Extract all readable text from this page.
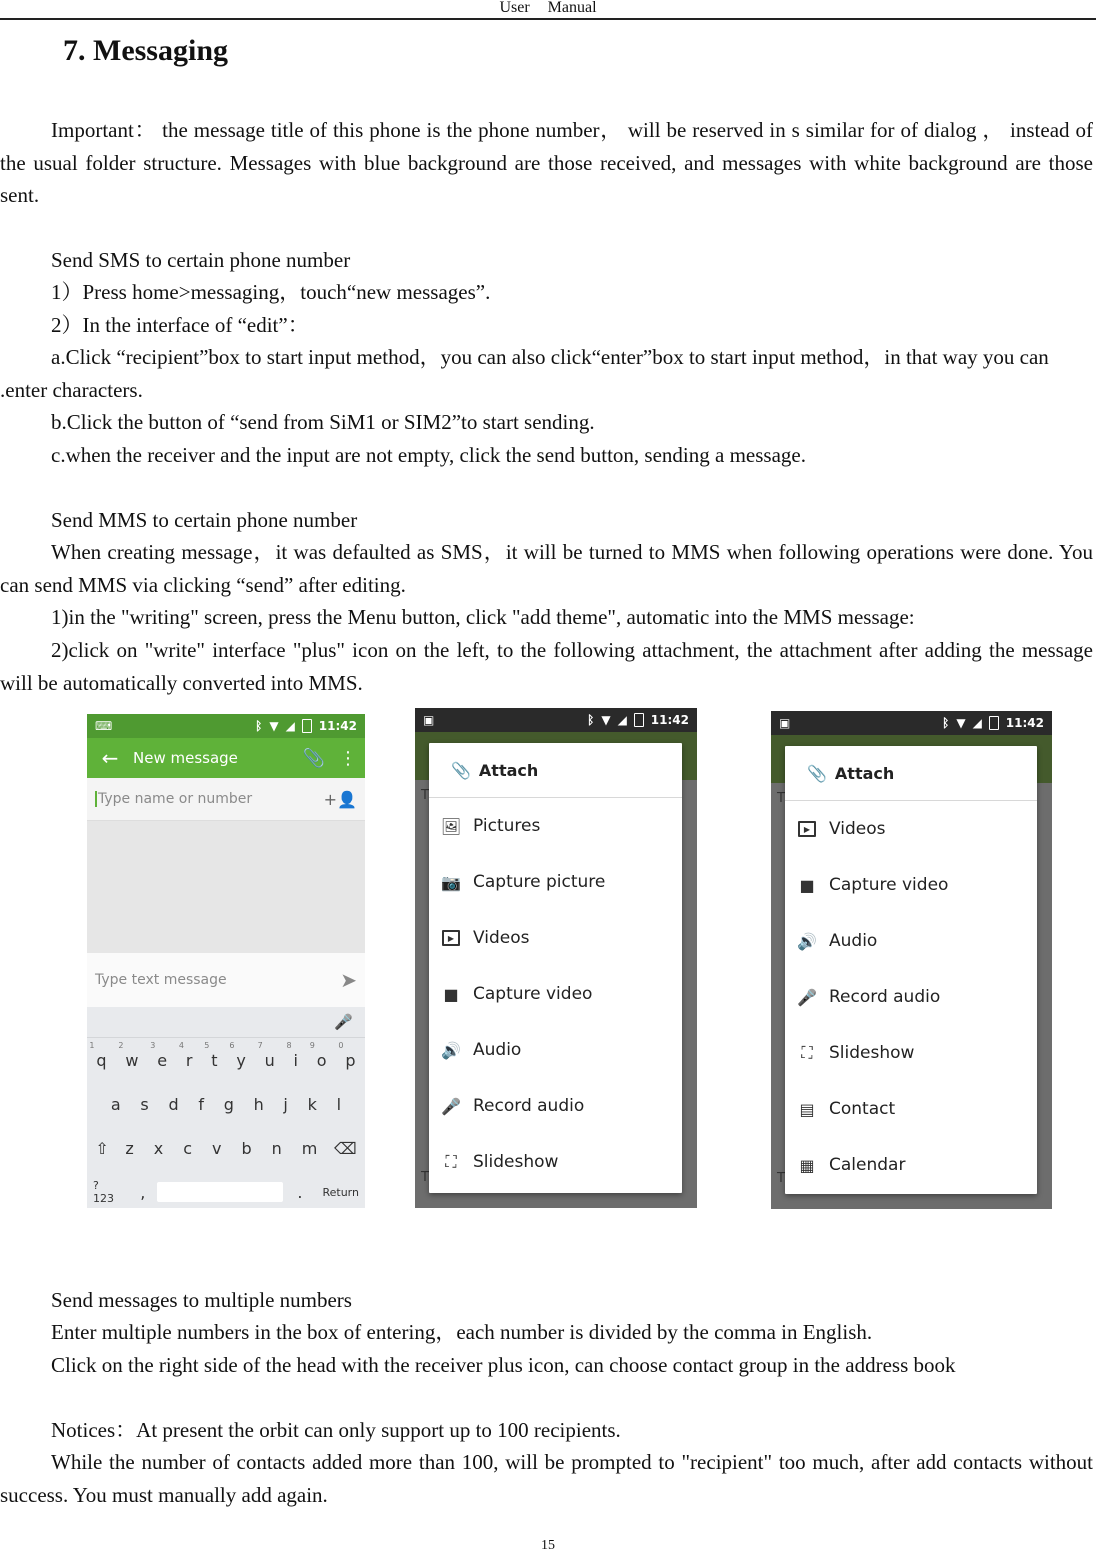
User Manual
7. Messaging

Important： the message title of this phone is the phone number， will be reserved in s similar for of dialog ， instead of the usual folder structure. Messages with blue background are those received, and messages with white background are those sent.

Send SMS to certain phone number

1）Press home>messaging，touch“new messages”.

2）In the interface of “edit”：

a.Click “recipient”box to start input method，you can also click“enter”box to start input method，in that way you can .enter characters.

b.Click the button of “send from SiM1 or SIM2”to start sending.

c.when the receiver and the input are not empty, click the send button, sending a message.

Send MMS to certain phone number

When creating message，it was defaulted as SMS，it will be turned to MMS when following operations were done. You can send MMS via clicking “send” after editing.

1)in the "writing" screen, press the Menu button, click "add theme", automatic into the MMS message:

2)click on "write" interface "plus" icon on the left, to the following attachment, the attachment after adding the message will be automatically converted into MMS.

⌨	ᛒ ▼ ◢ 11:42
← New message	📎 ⋮
Type name or number	+👤
Type text message	➤
🎤
q
1
w
2
e
3
r
4
t
5
y
6
u
7
i
8
o
9
p
0
a s d f g h j k l
⇧ z x c v b n m ⌫
?123 ,	. Return
▣	ᛒ ▼ ◢ 11:42
T
T
📎 Attach
🖼 Pictures
📷 Capture picture
▶	Videos
■ Capture video
🔊 Audio
🎤 Record audio
⛶ Slideshow
▣	ᛒ ▼ ◢ 11:42
T
T
📎 Attach
▶	Videos
■ Capture video
🔊 Audio
🎤 Record audio
⛶ Slideshow
▤ Contact
▦ Calendar

Send messages to multiple numbers

Enter multiple numbers in the box of entering，each number is divided by the comma in English.

Click on the right side of the head with the receiver plus icon, can choose contact group in the address book

Notices：At present the orbit can only support up to 100 recipients.

While the number of contacts added more than 100, will be prompted to "recipient" too much, after add contacts without success. You must manually add again.

15
